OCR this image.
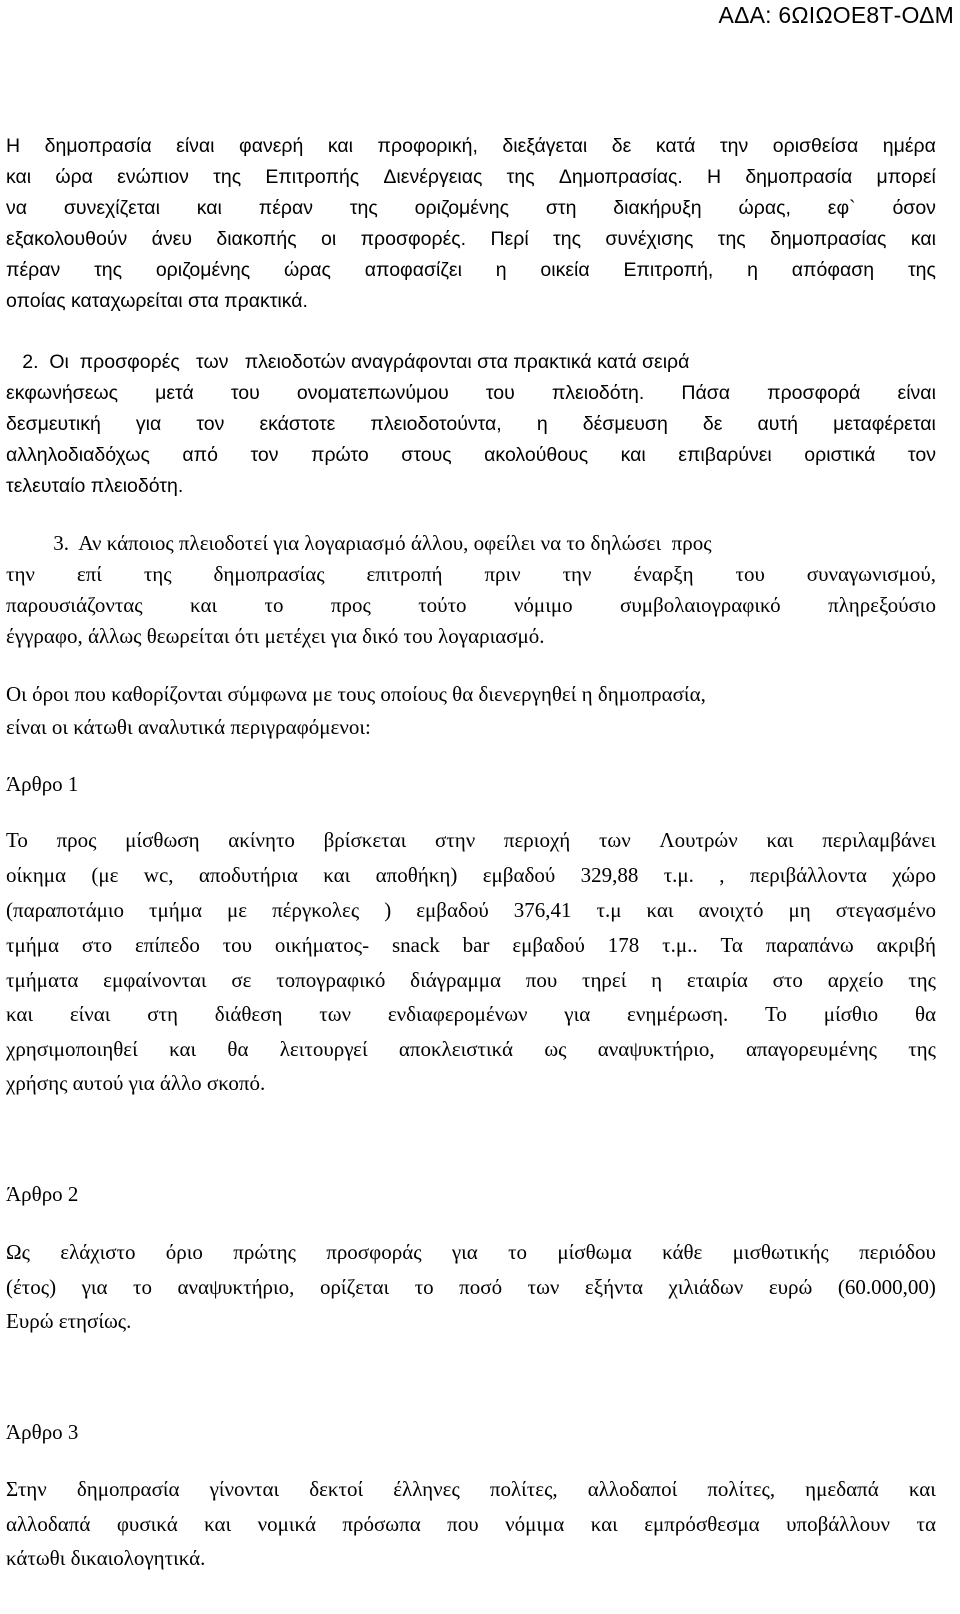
ΑΔΑ: 6ΩΙΩΟΕ8Τ-ΟΔΜ
Η δημοπρασία είναι φανερή και προφορική, διεξάγεται δε κατά την ορισθείσα ημέρα
και ώρα ενώπιον της Επιτροπής Διενέργειας της Δημοπρασίας. Η δημοπρασία μπορεί
να συνεχίζεται και πέραν της οριζομένης στη διακήρυξη ώρας, εφ` όσον
εξακολουθούν άνευ διακοπής οι προσφορές. Περί της συνέχισης της δημοπρασίας και
πέραν της οριζομένης ώρας αποφασίζει η οικεία Επιτροπή, η απόφαση της
οποίας καταχωρείται στα πρακτικά.
2.  Οι  προσφορές   των   πλειοδοτών αναγράφονται στα πρακτικά κατά σειρά
εκφωνήσεως μετά του ονοματεπωνύμου του πλειοδότη. Πάσα προσφορά είναι
δεσμευτική για τον εκάστοτε πλειοδοτούντα, η δέσμευση δε αυτή μεταφέρεται
αλληλοδιαδόχως από τον πρώτο στους ακολούθους και επιβαρύνει οριστικά τον
τελευταίο πλειοδότη.
3.  Αν κάποιος πλειοδοτεί για λογαριασμό άλλου, οφείλει να το δηλώσει  προς
την επί της δημοπρασίας επιτροπή πριν την έναρξη του συναγωνισμού,
παρουσιάζοντας και το προς τούτο νόμιμο συμβολαιογραφικό πληρεξούσιο
έγγραφο, άλλως θεωρείται ότι μετέχει για δικό του λογαριασμό.
Οι όροι που καθορίζονται σύμφωνα με τους οποίους θα διενεργηθεί η δημοπρασία,
είναι οι κάτωθι αναλυτικά περιγραφόμενοι:
Άρθρο 1
Το προς μίσθωση ακίνητο βρίσκεται στην περιοχή των Λουτρών και περιλαμβάνει
οίκημα (με wc, αποδυτήρια και αποθήκη) εμβαδού 329,88 τ.μ. , περιβάλλοντα χώρο
(παραποτάμιο τμήμα με πέργκολες ) εμβαδού 376,41 τ.μ και ανοιχτό μη στεγασμένο
τμήμα στο επίπεδο του οικήματος- snack bar εμβαδού 178 τ.μ.. Τα παραπάνω ακριβή
τμήματα εμφαίνονται σε τοπογραφικό διάγραμμα που τηρεί η εταιρία στο αρχείο της
και είναι στη διάθεση των ενδιαφερομένων για ενημέρωση. Το μίσθιο θα
χρησιμοποιηθεί και θα λειτουργεί αποκλειστικά ως αναψυκτήριο, απαγορευμένης της
χρήσης αυτού για άλλο σκοπό.
Άρθρο 2
Ως ελάχιστο όριο πρώτης προσφοράς για το μίσθωμα κάθε μισθωτικής περιόδου
(έτος) για το αναψυκτήριο, ορίζεται το ποσό των εξήντα χιλιάδων ευρώ (60.000,00)
Ευρώ ετησίως.
Άρθρο 3
Στην δημοπρασία γίνονται δεκτοί έλληνες πολίτες, αλλοδαποί πολίτες, ημεδαπά και
αλλοδαπά φυσικά και νομικά πρόσωπα που νόμιμα και εμπρόσθεσμα υποβάλλουν τα
κάτωθι δικαιολογητικά.
